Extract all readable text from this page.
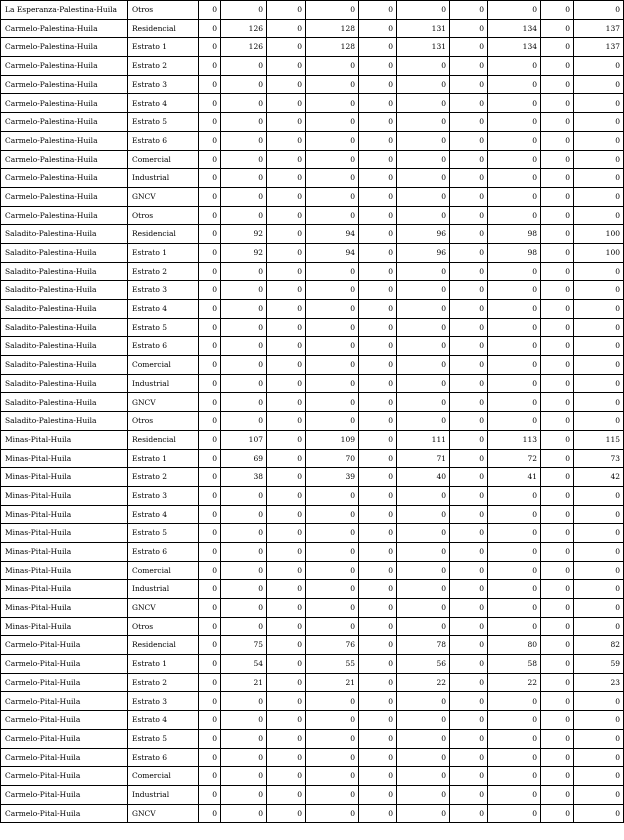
La Esperanza-Palestina-Huila	Otros	0	0	0	0	0	0	0	0	0	0
Carmelo-Palestina-Huila	Residencial	0	126	0	128	0	131	0	134	0	137
Carmelo-Palestina-Huila	Estrato 1	0	126	0	128	0	131	0	134	0	137
Carmelo-Palestina-Huila	Estrato 2	0	0	0	0	0	0	0	0	0	0
Carmelo-Palestina-Huila	Estrato 3	0	0	0	0	0	0	0	0	0	0
Carmelo-Palestina-Huila	Estrato 4	0	0	0	0	0	0	0	0	0	0
Carmelo-Palestina-Huila	Estrato 5	0	0	0	0	0	0	0	0	0	0
Carmelo-Palestina-Huila	Estrato 6	0	0	0	0	0	0	0	0	0	0
Carmelo-Palestina-Huila	Comercial	0	0	0	0	0	0	0	0	0	0
Carmelo-Palestina-Huila	Industrial	0	0	0	0	0	0	0	0	0	0
Carmelo-Palestina-Huila	GNCV	0	0	0	0	0	0	0	0	0	0
Carmelo-Palestina-Huila	Otros	0	0	0	0	0	0	0	0	0	0
Saladito-Palestina-Huila	Residencial	0	92	0	94	0	96	0	98	0	100
Saladito-Palestina-Huila	Estrato 1	0	92	0	94	0	96	0	98	0	100
Saladito-Palestina-Huila	Estrato 2	0	0	0	0	0	0	0	0	0	0
Saladito-Palestina-Huila	Estrato 3	0	0	0	0	0	0	0	0	0	0
Saladito-Palestina-Huila	Estrato 4	0	0	0	0	0	0	0	0	0	0
Saladito-Palestina-Huila	Estrato 5	0	0	0	0	0	0	0	0	0	0
Saladito-Palestina-Huila	Estrato 6	0	0	0	0	0	0	0	0	0	0
Saladito-Palestina-Huila	Comercial	0	0	0	0	0	0	0	0	0	0
Saladito-Palestina-Huila	Industrial	0	0	0	0	0	0	0	0	0	0
Saladito-Palestina-Huila	GNCV	0	0	0	0	0	0	0	0	0	0
Saladito-Palestina-Huila	Otros	0	0	0	0	0	0	0	0	0	0
Minas-Pital-Huila	Residencial	0	107	0	109	0	111	0	113	0	115
Minas-Pital-Huila	Estrato 1	0	69	0	70	0	71	0	72	0	73
Minas-Pital-Huila	Estrato 2	0	38	0	39	0	40	0	41	0	42
Minas-Pital-Huila	Estrato 3	0	0	0	0	0	0	0	0	0	0
Minas-Pital-Huila	Estrato 4	0	0	0	0	0	0	0	0	0	0
Minas-Pital-Huila	Estrato 5	0	0	0	0	0	0	0	0	0	0
Minas-Pital-Huila	Estrato 6	0	0	0	0	0	0	0	0	0	0
Minas-Pital-Huila	Comercial	0	0	0	0	0	0	0	0	0	0
Minas-Pital-Huila	Industrial	0	0	0	0	0	0	0	0	0	0
Minas-Pital-Huila	GNCV	0	0	0	0	0	0	0	0	0	0
Minas-Pital-Huila	Otros	0	0	0	0	0	0	0	0	0	0
Carmelo-Pital-Huila	Residencial	0	75	0	76	0	78	0	80	0	82
Carmelo-Pital-Huila	Estrato 1	0	54	0	55	0	56	0	58	0	59
Carmelo-Pital-Huila	Estrato 2	0	21	0	21	0	22	0	22	0	23
Carmelo-Pital-Huila	Estrato 3	0	0	0	0	0	0	0	0	0	0
Carmelo-Pital-Huila	Estrato 4	0	0	0	0	0	0	0	0	0	0
Carmelo-Pital-Huila	Estrato 5	0	0	0	0	0	0	0	0	0	0
Carmelo-Pital-Huila	Estrato 6	0	0	0	0	0	0	0	0	0	0
Carmelo-Pital-Huila	Comercial	0	0	0	0	0	0	0	0	0	0
Carmelo-Pital-Huila	Industrial	0	0	0	0	0	0	0	0	0	0
Carmelo-Pital-Huila	GNCV	0	0	0	0	0	0	0	0	0	0
